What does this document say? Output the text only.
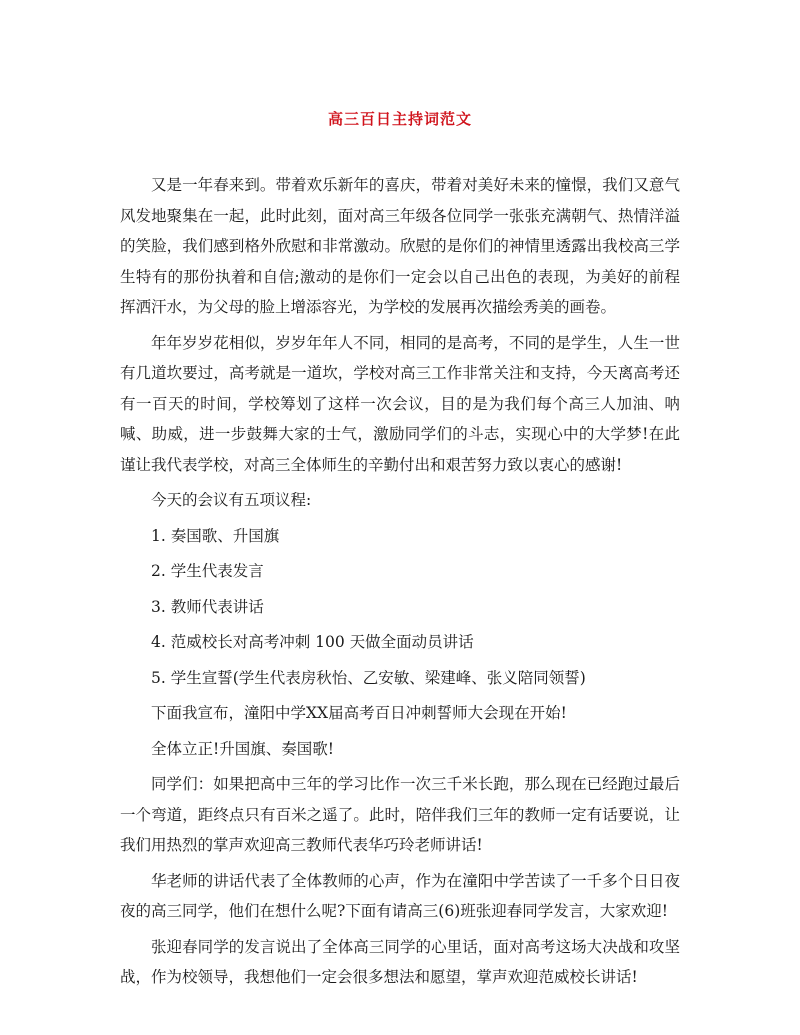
高三百日主持词范文

又是一年春来到。带着欢乐新年的喜庆，带着对美好未来的憧憬，我们又意气风发地聚集在一起，此时此刻，面对高三年级各位同学一张张充满朝气、热情洋溢的笑脸，我们感到格外欣慰和非常激动。欣慰的是你们的神情里透露出我校高三学生特有的那份执着和自信;激动的是你们一定会以自己出色的表现，为美好的前程挥洒汗水，为父母的脸上增添容光，为学校的发展再次描绘秀美的画卷。

年年岁岁花相似，岁岁年年人不同，相同的是高考，不同的是学生，人生一世有几道坎要过，高考就是一道坎，学校对高三工作非常关注和支持，今天离高考还有一百天的时间，学校筹划了这样一次会议，目的是为我们每个高三人加油、呐喊、助威，进一步鼓舞大家的士气，激励同学们的斗志，实现心中的大学梦!在此谨让我代表学校，对高三全体师生的辛勤付出和艰苦努力致以衷心的感谢!

今天的会议有五项议程:

1. 奏国歌、升国旗

2. 学生代表发言

3. 教师代表讲话

4. 范威校长对高考冲刺 100 天做全面动员讲话

5. 学生宣誓(学生代表房秋怡、乙安敏、梁建峰、张义陪同领誓)

下面我宣布，潼阳中学XX届高考百日冲刺誓师大会现在开始!

全体立正!升国旗、奏国歌!

同学们：如果把高中三年的学习比作一次三千米长跑，那么现在已经跑过最后一个弯道，距终点只有百米之遥了。此时，陪伴我们三年的教师一定有话要说，让我们用热烈的掌声欢迎高三教师代表华巧玲老师讲话!

华老师的讲话代表了全体教师的心声，作为在潼阳中学苦读了一千多个日日夜夜的高三同学，他们在想什么呢?下面有请高三(6)班张迎春同学发言，大家欢迎!

张迎春同学的发言说出了全体高三同学的心里话，面对高考这场大决战和攻坚战，作为校领导，我想他们一定会很多想法和愿望，掌声欢迎范威校长讲话!
